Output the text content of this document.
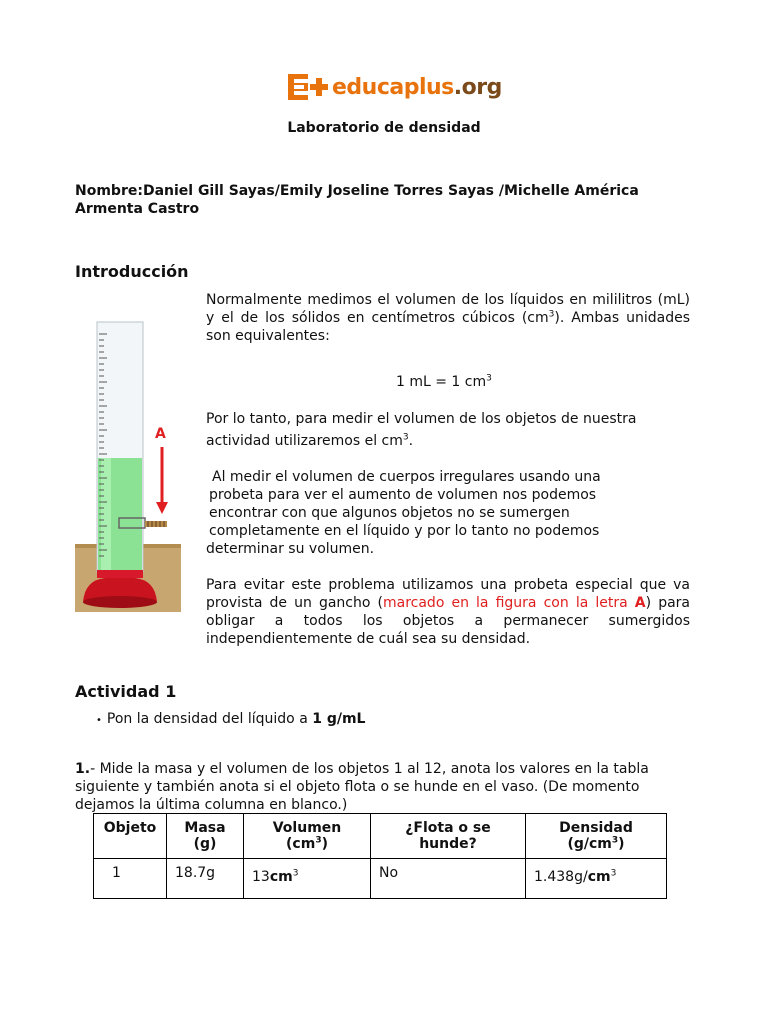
educaplus.org
Laboratorio de densidad
Nombre:Daniel Gill Sayas/Emily Joseline Torres Sayas /Michelle América Armenta Castro
Introducción
A

Normalmente medimos el volumen de los líquidos en mililitros (mL) y el de los sólidos en centímetros cúbicos $(cm^3)$. Ambas unidades son equivalentes:

1 mL = 1 $cm^3$

Por lo tanto, para medir el volumen de los objetos de nuestra actividad utilizaremos el $cm^3$.

Al medir el volumen de cuerpos irregulares usando una

probeta para ver el aumento de volumen nos podemos

encontrar con que algunos objetos no se sumergen

completamente en el líquido y por lo tanto no podemos

determinar su volumen.

Para evitar este problema utilizamos una probeta especial que va provista de un gancho (marcado en la figura con la letra A) para obligar a todos los objetos a permanecer sumergidos independientemente de cuál sea su densidad.

Actividad 1

• Pon la densidad del líquido a 1 g/mL

1.- Mide la masa y el volumen de los objetos 1 al 12, anota los valores en la tabla siguiente y también anota si el objeto flota o se hunde en el vaso. (De momento dejamos la última columna en blanco.)

Objeto	Masa (g)	Volumen $(cm^3)$	¿Flota o se hunde?	Densidad $(g/cm^3)$
1	18.7g	$13cm^3$	No	$1.438g/cm^3$
